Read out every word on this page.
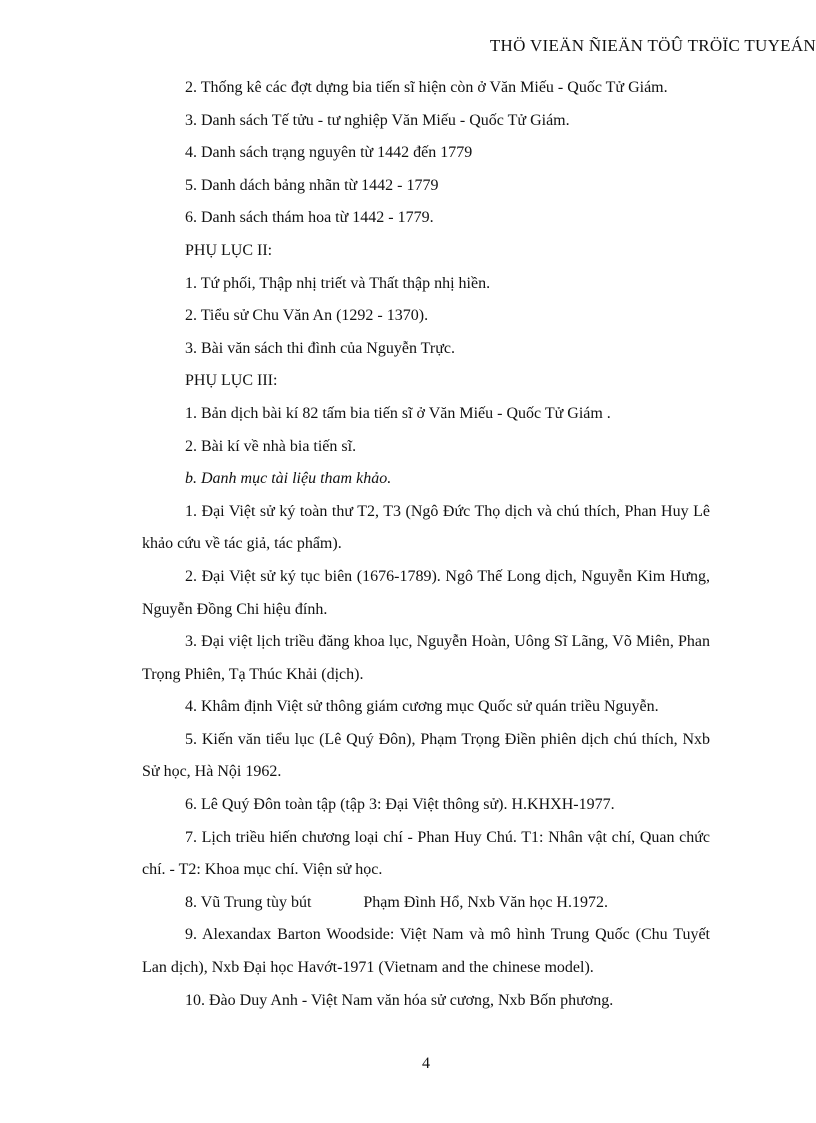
THÖ VIEÄN ÑIEÄN TÖÛ TRÖÏC TUYEÁN

2. Thống kê các đợt dựng bia tiến sĩ hiện còn ở Văn Miếu - Quốc Tử Giám.

3. Danh sách Tế tửu - tư nghiệp Văn Miếu - Quốc Tử Giám.

4. Danh sách trạng nguyên từ 1442 đến 1779

5. Danh dách bảng nhãn từ 1442 - 1779

6. Danh sách thám hoa từ 1442 - 1779.

PHỤ LỤC II:

1. Tứ phối, Thập nhị triết và Thất thập nhị hiền.

2. Tiểu sử Chu Văn An (1292 - 1370).

3. Bài văn sách thi đình của Nguyễn Trực.

PHỤ LỤC III:

1. Bản dịch bài kí 82 tấm bia tiến sĩ ở Văn Miếu - Quốc Tử Giám .

2. Bài kí về nhà bia tiến sĩ.

b. Danh mục tài liệu tham khảo.

1. Đại Việt sử ký toàn thư T2, T3 (Ngô Đức Thọ dịch và chú thích, Phan Huy Lê khảo cứu về tác giả, tác phẩm).

2. Đại Việt sử ký tục biên (1676-1789). Ngô Thế Long dịch, Nguyễn Kim Hưng, Nguyễn Đồng Chi hiệu đính.

3. Đại việt lịch triều đăng khoa lục, Nguyễn Hoàn, Uông Sĩ Lãng, Võ Miên, Phan Trọng Phiên, Tạ Thúc Khải (dịch).

4. Khâm định Việt sử thông giám cương mục Quốc sử quán triều Nguyễn.

5. Kiến văn tiểu lục (Lê Quý Đôn), Phạm Trọng Điền phiên dịch chú thích, Nxb Sử học, Hà Nội 1962.

6. Lê Quý Đôn toàn tập (tập 3: Đại Việt thông sử). H.KHXH-1977.

7. Lịch triều hiến chương loại chí - Phan Huy Chú. T1: Nhân vật chí, Quan chức chí. - T2: Khoa mục chí. Viện sử học.

8. Vũ Trung tùy bút	Phạm Đình Hổ, Nxb Văn học H.1972.

9. Alexandax Barton Woodside: Việt Nam và mô hình Trung Quốc (Chu Tuyết Lan dịch), Nxb Đại học Havớt-1971 (Vietnam and the chinese model).

10. Đào Duy Anh - Việt Nam văn hóa sử cương, Nxb Bốn phương.

4
